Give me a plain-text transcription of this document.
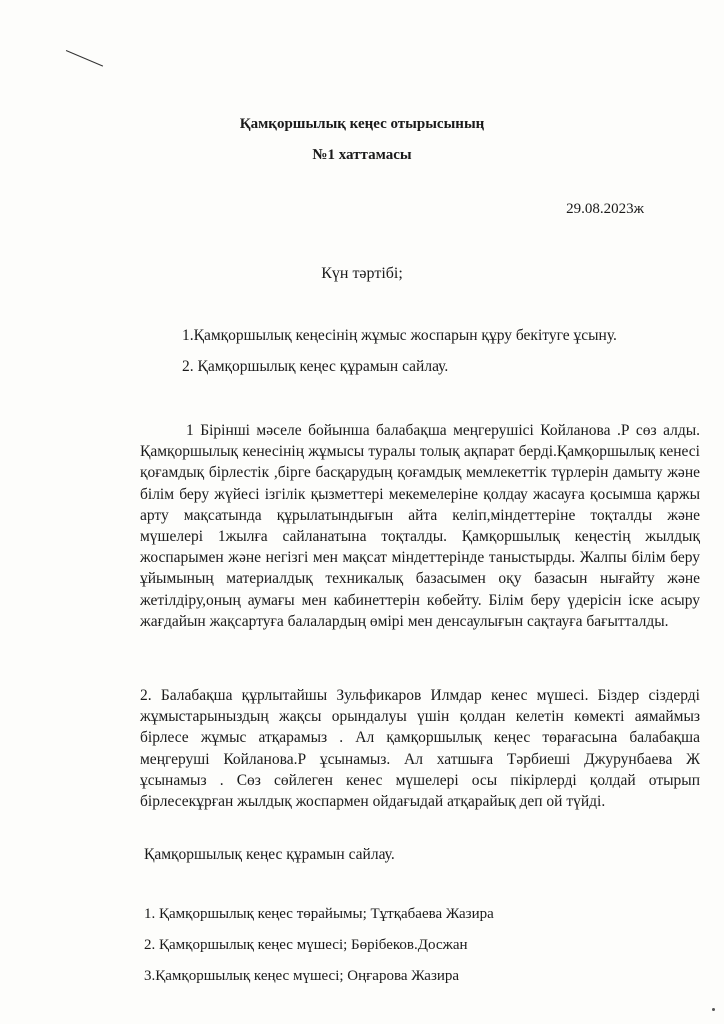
Қамқоршылық кеңес отырысының
№1 хаттамасы
29.08.2023ж
Күн тәртібі;
1.Қамқоршылық кеңесінің жұмыс жоспарын құру бекітуге ұсыну.
2. Қамқоршылық кеңес құрамын сайлау.
1 Бірінші мәселе бойынша балабақша меңгерушісі Койланова .Р сөз алды. Қамқоршылық кенесінің жұмысы туралы толық ақпарат берді.Қамқоршылық кенесі қоғамдық бірлестік ,бірге басқарудың қоғамдық мемлекеттік түрлерін дамыту және білім беру жүйесі ізгілік қызметтері мекемелеріне қолдау жасауға қосымша қаржы арту мақсатында құрылатындығын айта келіп,міндеттеріне тоқталды және мүшелері 1жылға сайланатына тоқталды. Қамқоршылық кеңестің жылдық жоспарымен және негізгі мен мақсат міндеттерінде таныстырды. Жалпы білім беру ұйымының материалдық техникалық базасымен оқу базасын нығайту және жетілдіру,оның аумағы мен кабинеттерін көбейту. Білім беру үдерісін іске асыру жағдайын жақсартуға балалардың өмірі мен денсаулығын сақтауға бағытталды.
2. Балабақша құрлытайшы Зульфикаров Илмдар кенес мүшесі. Біздер сіздерді жұмыстарыныздың жақсы орындалуы үшін қолдан келетін көмекті аямаймыз бірлесе жұмыс атқарамыз . Ал қамқоршылық кеңес төрағасына балабақша меңгеруші Койланова.Р ұсынамыз. Ал хатшыға Тәрбиеші Джурунбаева Ж ұсынамыз . Сөз сөйлеген кенес мүшелері осы пікірлерді қолдай отырып бірлесекұрған жылдық жоспармен ойдағыдай атқарайық деп ой түйді.
Қамқоршылық кеңес құрамын сайлау.
1. Қамқоршылық кеңес төрайымы; Тұтқабаева Жазира
2. Қамқоршылық кеңес мүшесі; Бөрібеков.Досжан
3.Қамқоршылық кеңес мүшесі; Оңғарова Жазира
